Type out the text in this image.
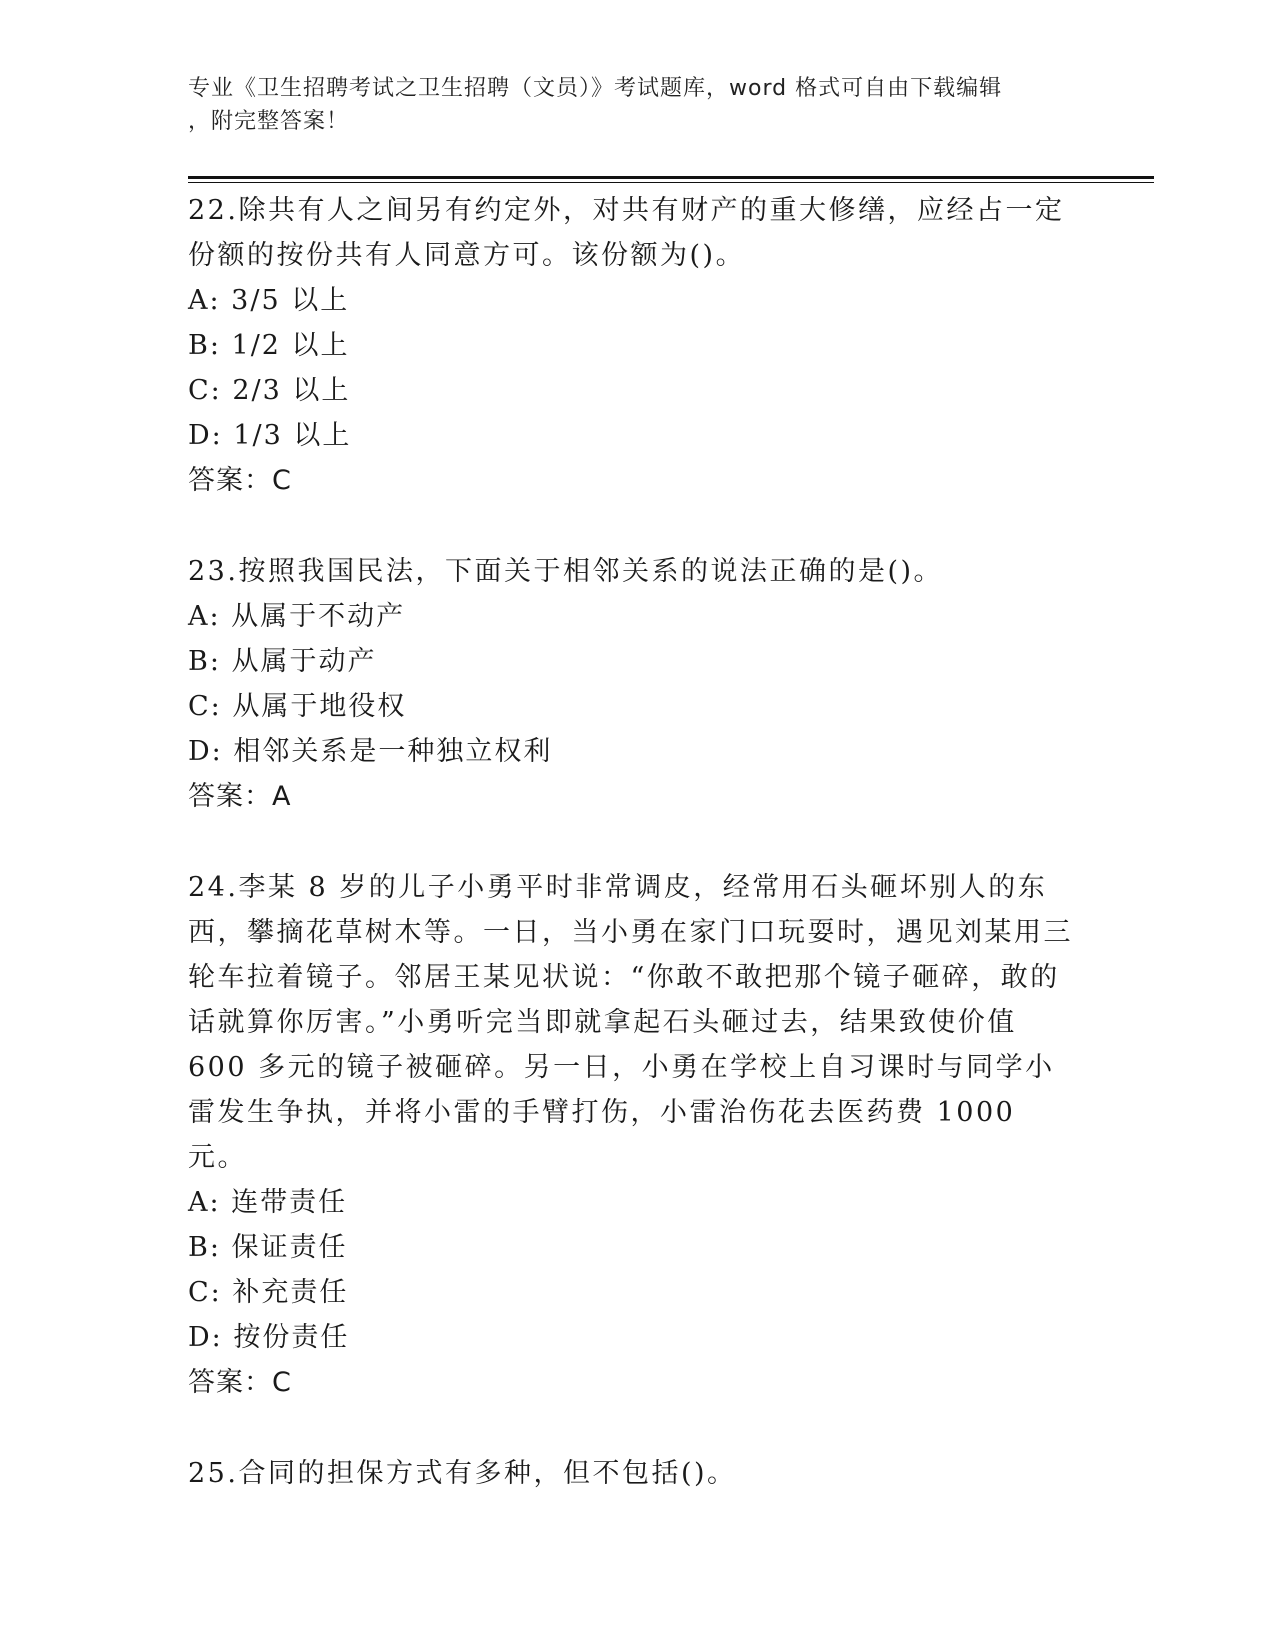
专业《卫生招聘考试之卫生招聘（文员）》考试题库，word 格式可自由下载编辑
，附完整答案！

22.除共有人之间另有约定外，对共有财产的重大修缮，应经占一定份额的按份共有人同意方可。该份额为()。

A: 3/5 以上

B: 1/2 以上

C: 2/3 以上

D: 1/3 以上

答案：C

23.按照我国民法，下面关于相邻关系的说法正确的是()。

A: 从属于不动产

B: 从属于动产

C: 从属于地役权

D: 相邻关系是一种独立权利

答案：A

24.李某 8 岁的儿子小勇平时非常调皮，经常用石头砸坏别人的东西，攀摘花草树木等。一日，当小勇在家门口玩耍时，遇见刘某用三轮车拉着镜子。邻居王某见状说：“你敢不敢把那个镜子砸碎，敢的话就算你厉害。”小勇听完当即就拿起石头砸过去，结果致使价值 600 多元的镜子被砸碎。另一日，小勇在学校上自习课时与同学小雷发生争执，并将小雷的手臂打伤，小雷治伤花去医药费 1000 元。

A: 连带责任

B: 保证责任

C: 补充责任

D: 按份责任

答案：C

25.合同的担保方式有多种，但不包括()。
